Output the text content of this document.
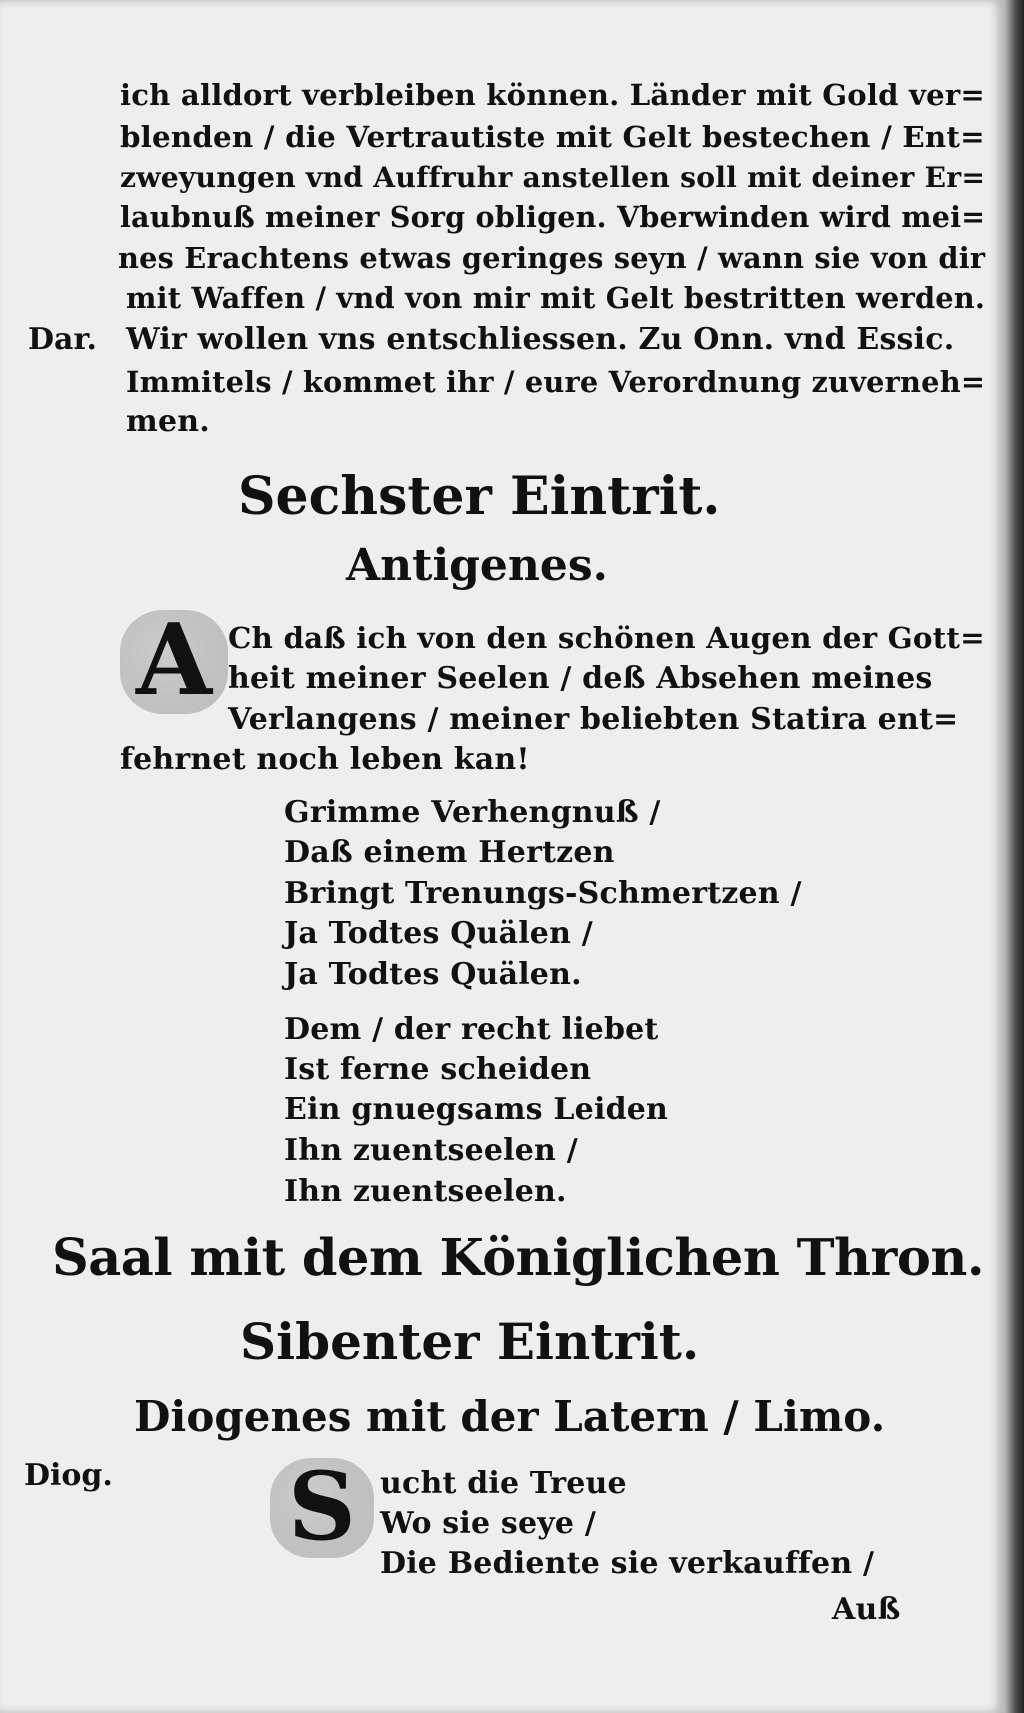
ich alldort verbleiben können. Länder mit Gold ver=
blenden / die Vertrautiste mit Gelt bestechen / Ent=
zweyungen vnd Auffruhr anstellen soll mit deiner Er=
laubnuß meiner Sorg obligen. Vberwinden wird mei=
nes Erachtens etwas geringes seyn / wann sie von dir
mit Waffen / vnd von mir mit Gelt bestritten werden.
Dar. Wir wollen vns entschliessen. Zu Onn. vnd Essic.
Immitels / kommet ihr / eure Verordnung zuverneh=
men.
Sechster Eintrit.
Antigenes.
A Ch daß ich von den schönen Augen der Gott=
heit meiner Seelen / deß Absehen meines
Verlangens / meiner beliebten Statira ent=
fehrnet noch leben kan!
Grimme Verhengnuß /
Daß einem Hertzen
Bringt Trenungs-Schmertzen /
Ja Todtes Quälen /
Ja Todtes Quälen.
Dem / der recht liebet
Ist ferne scheiden
Ein gnuegsams Leiden
Ihn zuentseelen /
Ihn zuentseelen.
Saal mit dem Königlichen Thron.
Sibenter Eintrit.
Diogenes mit der Latern / Limo.
Diog. S ucht die Treue
Wo sie seye /
Die Bediente sie verkauffen /
Auß
